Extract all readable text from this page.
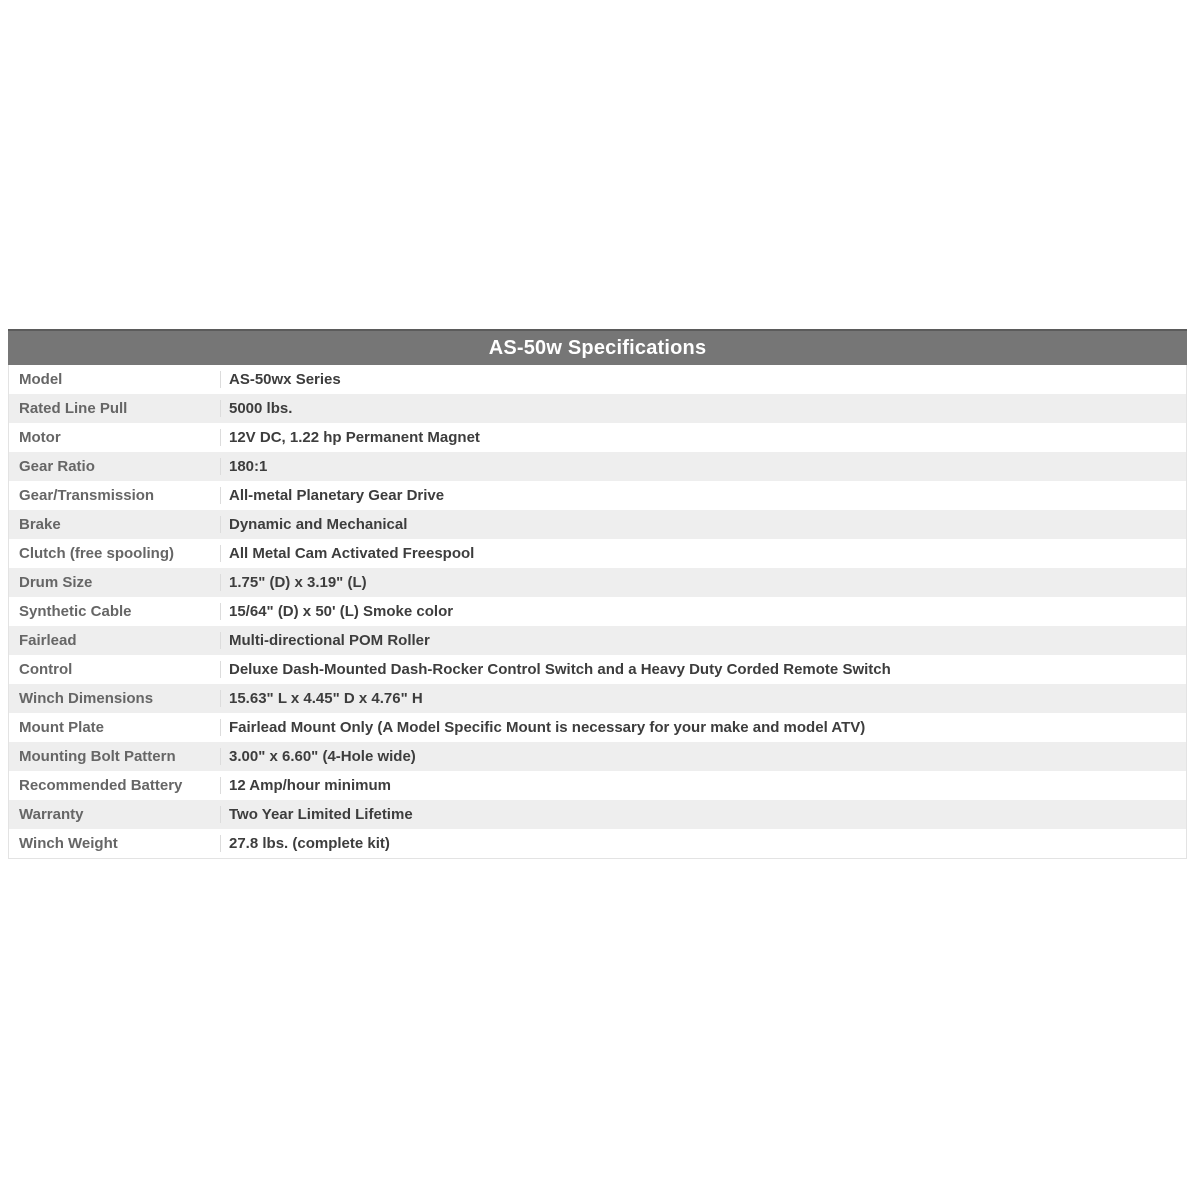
AS-50w Specifications
Model	AS-50wx Series
Rated Line Pull	5000 lbs.
Motor	12V DC, 1.22 hp Permanent Magnet
Gear Ratio	180:1
Gear/Transmission	All-metal Planetary Gear Drive
Brake	Dynamic and Mechanical
Clutch (free spooling)	All Metal Cam Activated Freespool
Drum Size	1.75" (D) x 3.19" (L)
Synthetic Cable	15/64" (D) x 50' (L) Smoke color
Fairlead	Multi-directional POM Roller
Control	Deluxe Dash-Mounted Dash-Rocker Control Switch and a Heavy Duty Corded Remote Switch
Winch Dimensions	15.63" L x 4.45" D x 4.76" H
Mount Plate	Fairlead Mount Only (A Model Specific Mount is necessary for your make and model ATV)
Mounting Bolt Pattern	3.00" x 6.60" (4-Hole wide)
Recommended Battery	12 Amp/hour minimum
Warranty	Two Year Limited Lifetime
Winch Weight	27.8 lbs. (complete kit)
